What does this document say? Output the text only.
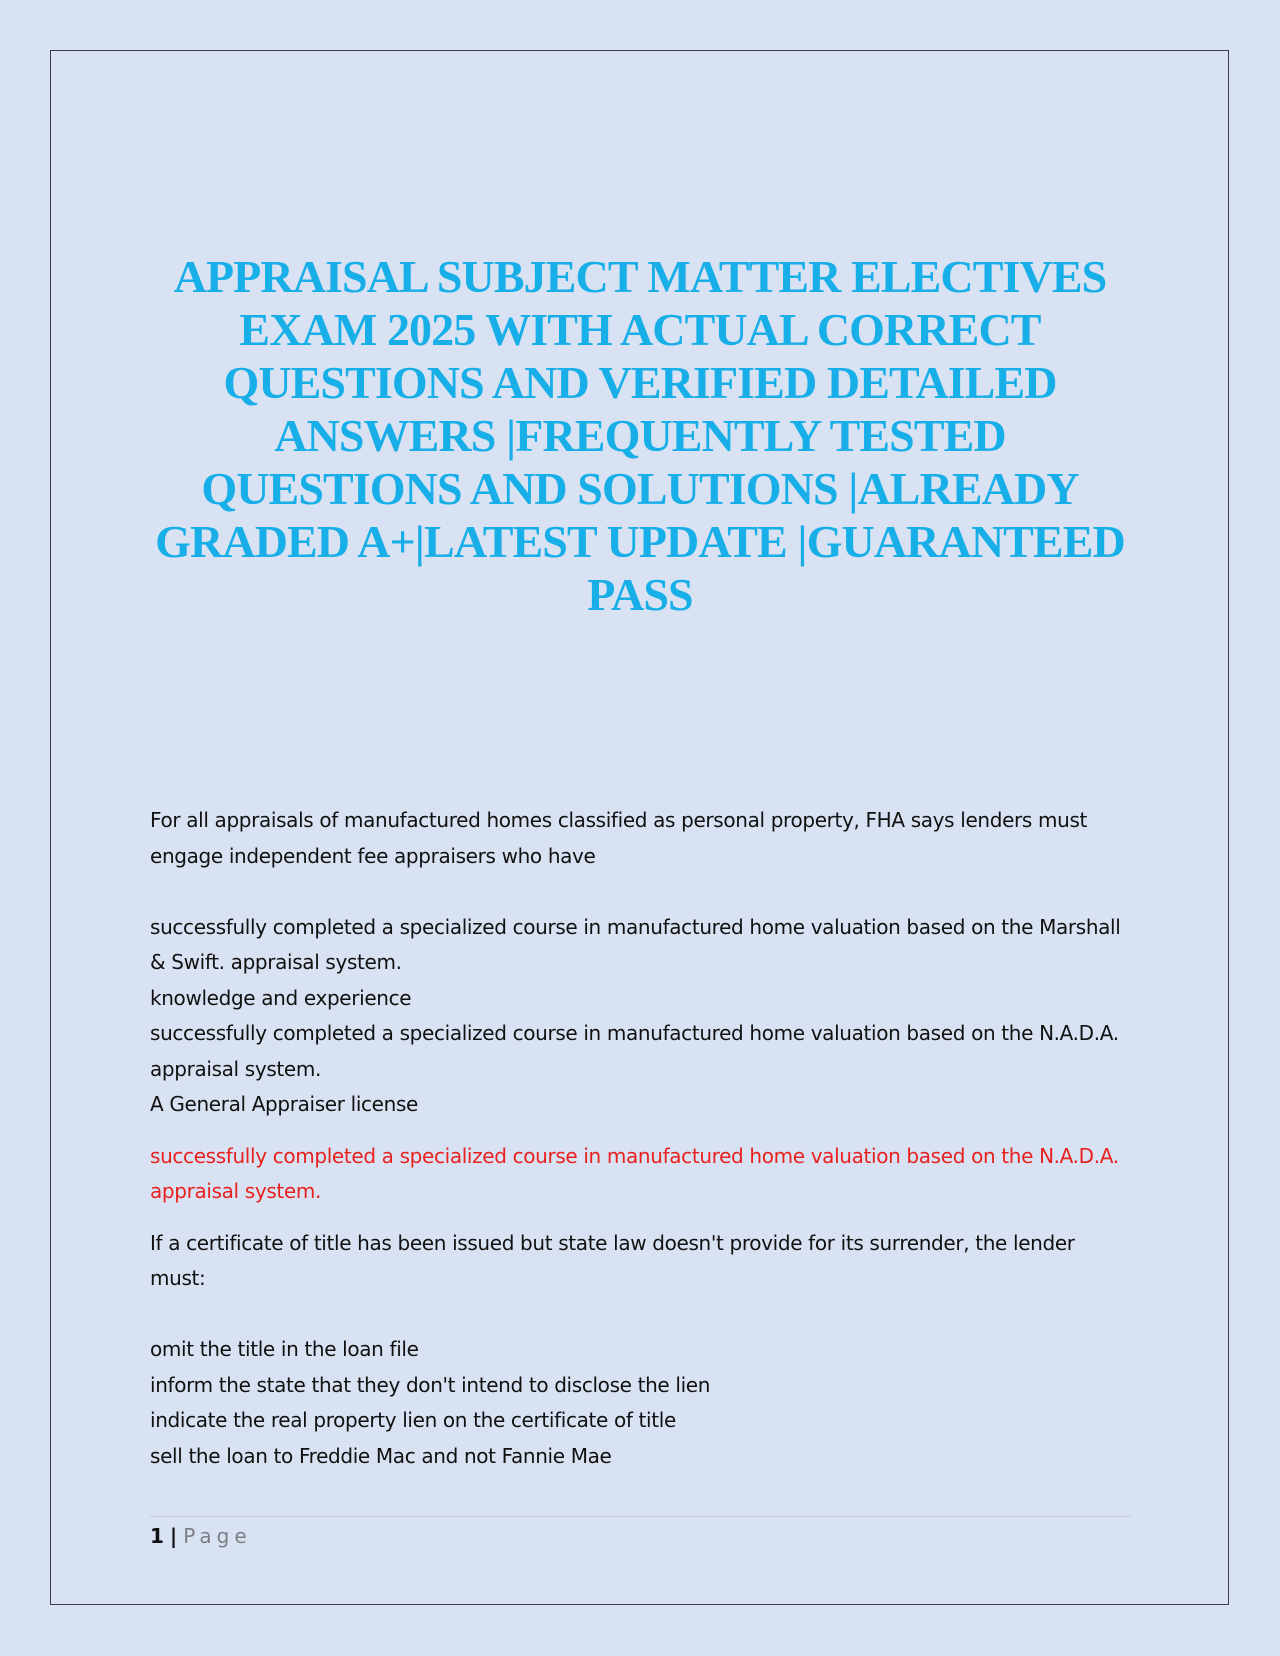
APPRAISAL SUBJECT MATTER ELECTIVES EXAM 2025 WITH ACTUAL CORRECT QUESTIONS AND VERIFIED DETAILED ANSWERS |FREQUENTLY TESTED QUESTIONS AND SOLUTIONS |ALREADY GRADED A+|LATEST UPDATE |GUARANTEED PASS

For all appraisals of manufactured homes classified as personal property, FHA says lenders must engage independent fee appraisers who have

successfully completed a specialized course in manufactured home valuation based on the Marshall & Swift. appraisal system.

knowledge and experience

successfully completed a specialized course in manufactured home valuation based on the N.A.D.A. appraisal system.

A General Appraiser license

successfully completed a specialized course in manufactured home valuation based on the N.A.D.A. appraisal system.

If a certificate of title has been issued but state law doesn't provide for its surrender, the lender must:

omit the title in the loan file

inform the state that they don't intend to disclose the lien

indicate the real property lien on the certificate of title

sell the loan to Freddie Mac and not Fannie Mae

1 | Page
